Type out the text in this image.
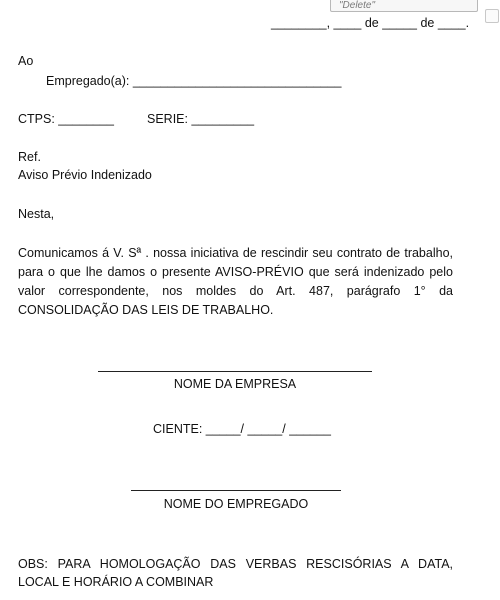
"Delete"
________, ____ de _____ de ____.
Ao
Empregado(a): ______________________________
CTPS: ________	SERIE: _________
Ref.
Aviso Prévio Indenizado
Nesta,
Comunicamos á V. Sª . nossa iniciativa de rescindir seu contrato de trabalho, para o que lhe damos o presente AVISO-PRÉVIO que será indenizado pelo valor correspondente, nos moldes do Art. 487, parágrafo 1° da CONSOLIDAÇÃO DAS LEIS DE TRABALHO.
NOME DA EMPRESA
CIENTE: _____/ _____/ ______
NOME DO EMPREGADO
OBS: PARA HOMOLOGAÇÃO DAS VERBAS RESCISÓRIAS A DATA, LOCAL E HORÁRIO A COMBINAR
